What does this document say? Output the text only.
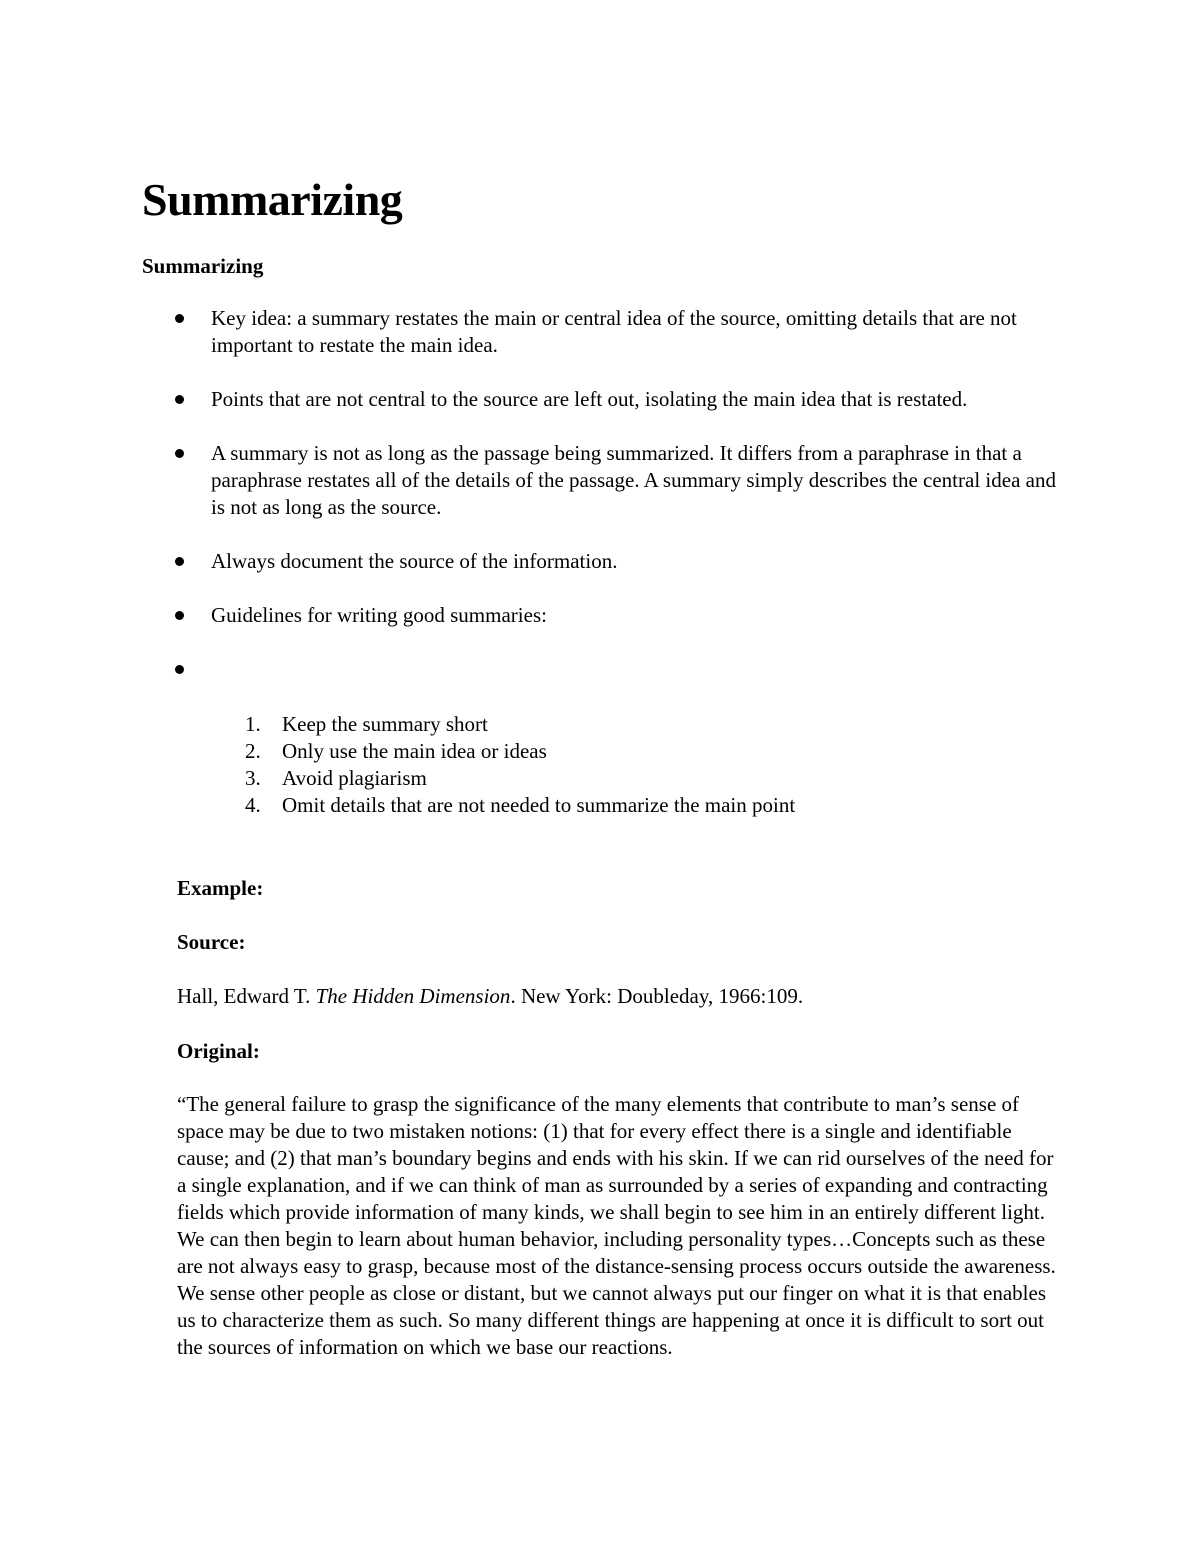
Summarizing
Summarizing
Key idea: a summary restates the main or central idea of the source, omitting details that are not important to restate the main idea.
Points that are not central to the source are left out, isolating the main idea that is restated.
A summary is not as long as the passage being summarized. It differs from a paraphrase in that a paraphrase restates all of the details of the passage. A summary simply describes the central idea and is not as long as the source.
Always document the source of the information.
Guidelines for writing good summaries:
1. Keep the summary short
2. Only use the main idea or ideas
3. Avoid plagiarism
4. Omit details that are not needed to summarize the main point

Example:

Source:

Hall, Edward T. The Hidden Dimension. New York: Doubleday, 1966:109.

Original:

“The general failure to grasp the significance of the many elements that contribute to man’s sense of space may be due to two mistaken notions: (1) that for every effect there is a single and identifiable cause; and (2) that man’s boundary begins and ends with his skin. If we can rid ourselves of the need for a single explanation, and if we can think of man as surrounded by a series of expanding and contracting fields which provide information of many kinds, we shall begin to see him in an entirely different light. We can then begin to learn about human behavior, including personality types…Concepts such as these are not always easy to grasp, because most of the distance-sensing process occurs outside the awareness. We sense other people as close or distant, but we cannot always put our finger on what it is that enables us to characterize them as such. So many different things are happening at once it is difficult to sort out the sources of information on which we base our reactions.
